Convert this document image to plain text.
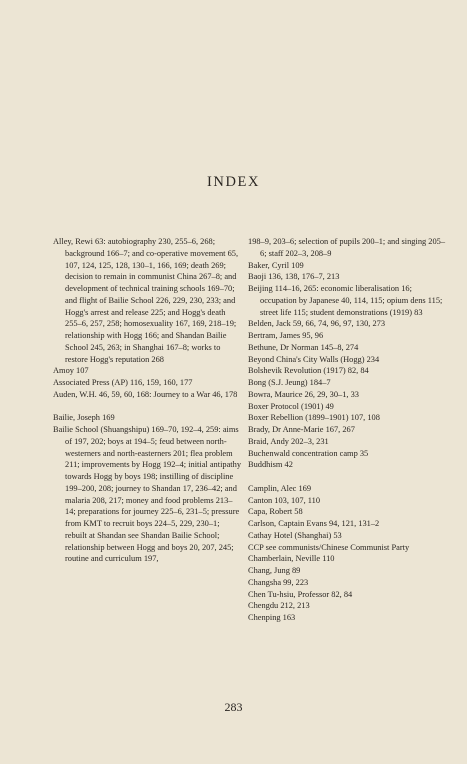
INDEX
Alley, Rewi 63: autobiography 230, 255–6, 268; background 166–7; and co-operative movement 65, 107, 124, 125, 128, 130–1, 166, 169; death 269; decision to remain in communist China 267–8; and development of technical training schools 169–70; and flight of Bailie School 226, 229, 230, 233; and Hogg's arrest and release 225; and Hogg's death 255–6, 257, 258; homosexuality 167, 169, 218–19; relationship with Hogg 166; and Shandan Bailie School 245, 263; in Shanghai 167–8; works to restore Hogg's reputation 268
Amoy 107
Associated Press (AP) 116, 159, 160, 177
Auden, W.H. 46, 59, 60, 168: Journey to a War 46, 178
Bailie, Joseph 169
Bailie School (Shuangshipu) 169–70, 192–4, 259: aims of 197, 202; boys at 194–5; feud between north-westerners and north-easterners 201; flea problem 211; improvements by Hogg 192–4; initial antipathy towards Hogg by boys 198; instilling of discipline 199–200, 208; journey to Shandan 17, 236–42; and malaria 208, 217; money and food problems 213–14; preparations for journey 225–6, 231–5; pressure from KMT to recruit boys 224–5, 229, 230–1; rebuilt at Shandan see Shandan Bailie School; relationship between Hogg and boys 20, 207, 245; routine and curriculum 197,
198–9, 203–6; selection of pupils 200–1; and singing 205–6; staff 202–3, 208–9
Baker, Cyril 109
Baoji 136, 138, 176–7, 213
Beijing 114–16, 265: economic liberalisation 16; occupation by Japanese 40, 114, 115; opium dens 115; street life 115; student demonstrations (1919) 83
Belden, Jack 59, 66, 74, 96, 97, 130, 273
Bertram, James 95, 96
Bethune, Dr Norman 145–8, 274
Beyond China's City Walls (Hogg) 234
Bolshevik Revolution (1917) 82, 84
Bong (S.J. Jeung) 184–7
Bowra, Maurice 26, 29, 30–1, 33
Boxer Protocol (1901) 49
Boxer Rebellion (1899–1901) 107, 108
Brady, Dr Anne-Marie 167, 267
Braid, Andy 202–3, 231
Buchenwald concentration camp 35
Buddhism 42
Camplin, Alec 169
Canton 103, 107, 110
Capa, Robert 58
Carlson, Captain Evans 94, 121, 131–2
Cathay Hotel (Shanghai) 53
CCP see communists/Chinese Communist Party
Chamberlain, Neville 110
Chang, Jung 89
Changsha 99, 223
Chen Tu-hsiu, Professor 82, 84
Chengdu 212, 213
Chenping 163
283
